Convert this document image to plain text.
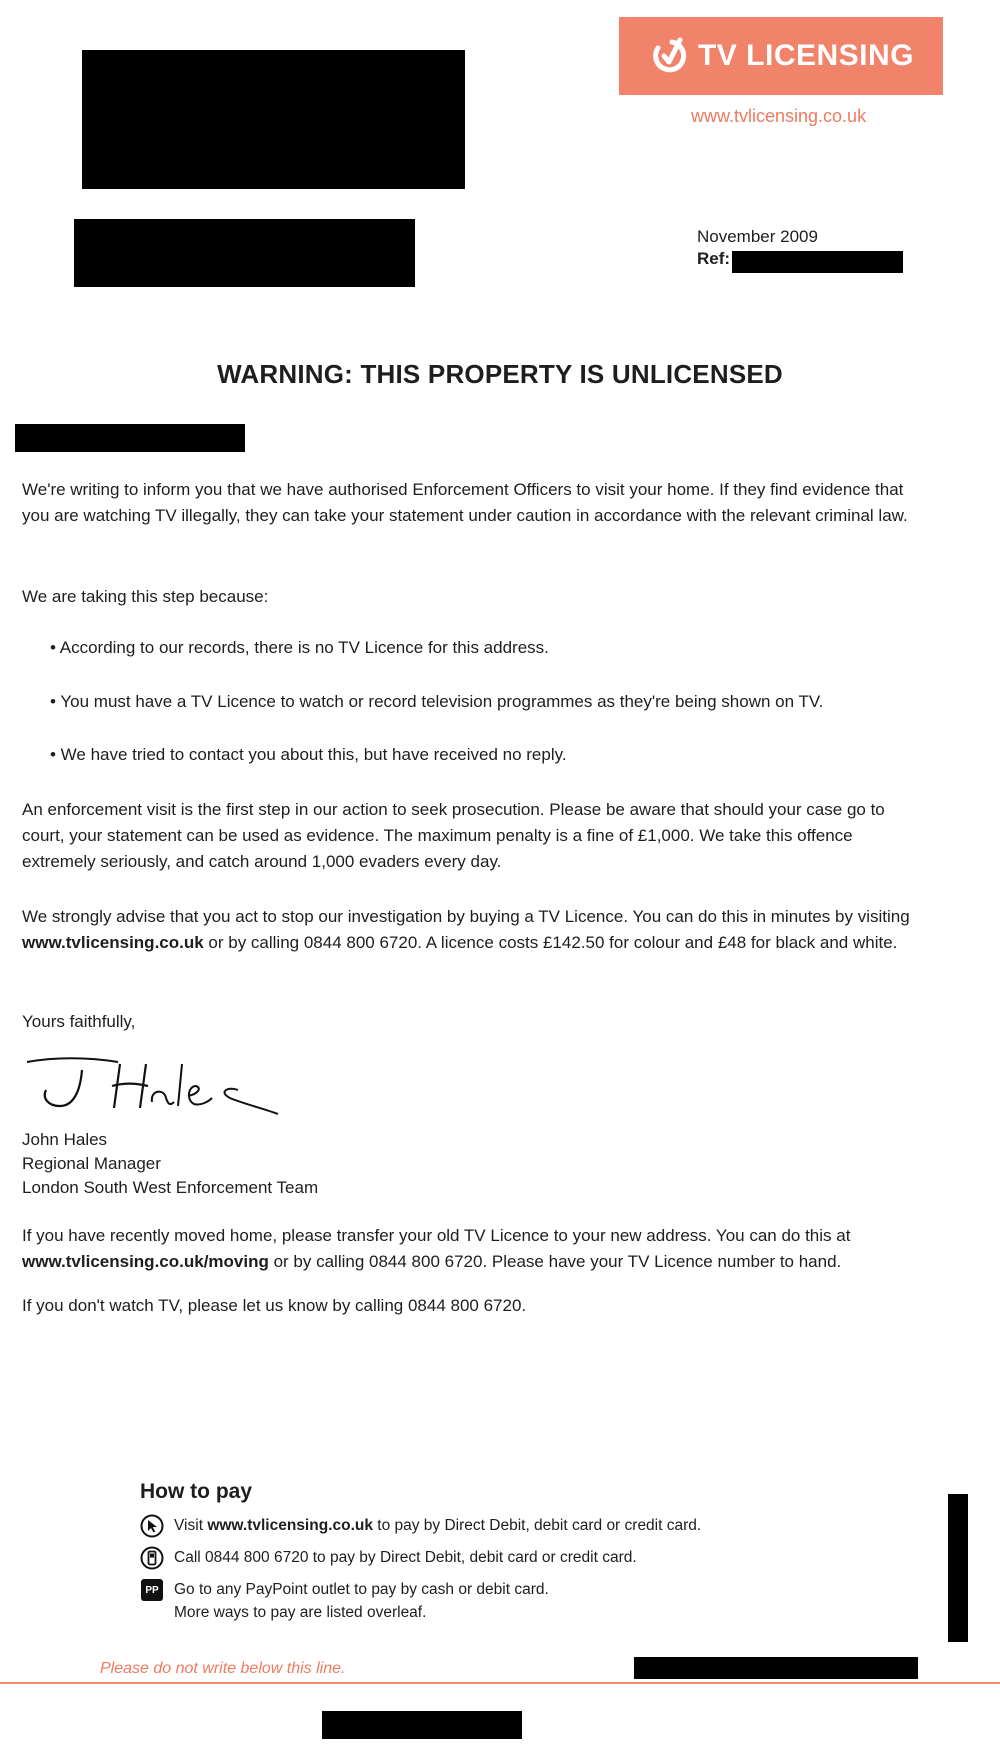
TV LICENSING
www.tvlicensing.co.uk
November 2009
Ref:
WARNING: THIS PROPERTY IS UNLICENSED

We're writing to inform you that we have authorised Enforcement Officers to visit your home. If they find evidence that you are watching TV illegally, they can take your statement under caution in accordance with the relevant criminal law.

We are taking this step because:

• According to our records, there is no TV Licence for this address.

• You must have a TV Licence to watch or record television programmes as they're being shown on TV.

• We have tried to contact you about this, but have received no reply.

An enforcement visit is the first step in our action to seek prosecution. Please be aware that should your case go to court, your statement can be used as evidence. The maximum penalty is a fine of £1,000. We take this offence extremely seriously, and catch around 1,000 evaders every day.

We strongly advise that you act to stop our investigation by buying a TV Licence. You can do this in minutes by visiting www.tvlicensing.co.uk or by calling 0844 800 6720. A licence costs £142.50 for colour and £48 for black and white.

Yours faithfully,

John Hales
Regional Manager
London South West Enforcement Team

If you have recently moved home, please transfer your old TV Licence to your new address. You can do this at www.tvlicensing.co.uk/moving or by calling 0844 800 6720. Please have your TV Licence number to hand.

If you don't watch TV, please let us know by calling 0844 800 6720.

How to pay
Visit www.tvlicensing.co.uk to pay by Direct Debit, debit card or credit card.
Call 0844 800 6720 to pay by Direct Debit, debit card or credit card.
PP Go to any PayPoint outlet to pay by cash or debit card.
More ways to pay are listed overleaf.
Please do not write below this line.
